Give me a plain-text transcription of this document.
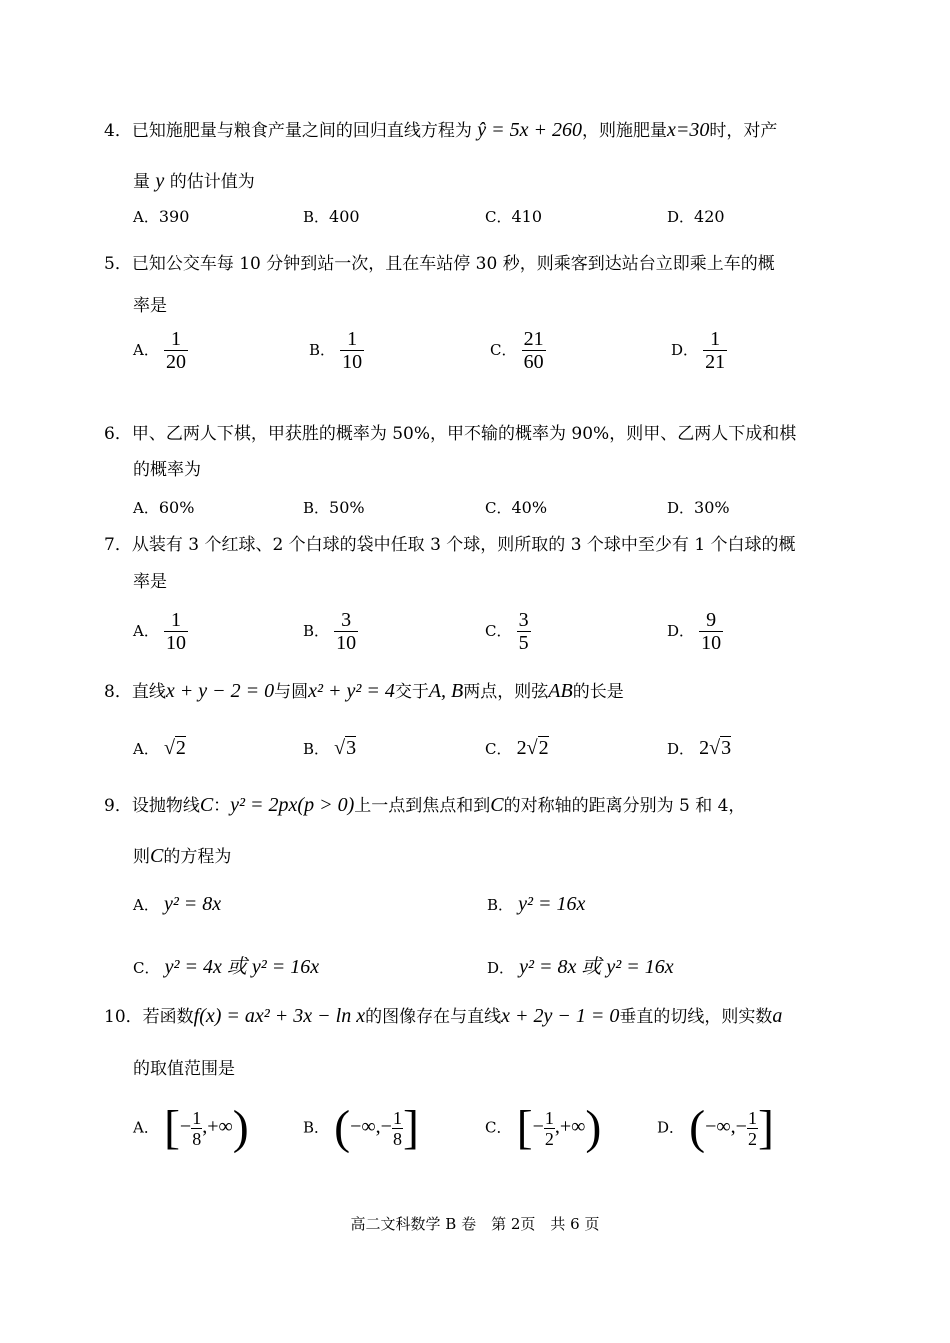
4．已知施肥量与粮食产量之间的回归直线方程为 ŷ = 5x + 260，则施肥量x=30时，对产
量 y 的估计值为
A．390	B．400	C．410	D．420
5．已知公交车每 10 分钟到站一次，且在车站停 30 秒，则乘客到达站台立即乘上车的概
率是
A． $\frac{1}{20}$	B． $\frac{1}{10}$	C． $\frac{21}{60}$	D． $\frac{1}{21}$
6．甲、乙两人下棋，甲获胜的概率为 50%，甲不输的概率为 90%，则甲、乙两人下成和棋
的概率为
A．60%	B．50%	C．40%	D．30%
7．从装有 3 个红球、2 个白球的袋中任取 3 个球，则所取的 3 个球中至少有 1 个白球的概
率是
A． $\frac{1}{10}$	B． $\frac{3}{10}$	C． $\frac{3}{5}$	D． $\frac{9}{10}$
8．直线x + y − 2 = 0与圆x² + y² = 4交于A, B两点，则弦AB的长是
A． √2	B． √3	C． 2√2	D． 2√3
9．设抛物线C：y² = 2px(p > 0)上一点到焦点和到C的对称轴的距离分别为 5 和 4，
则C的方程为
A． y² = 8x	B． y² = 16x
C． y² = 4x 或 y² = 16x	D． y² = 8x 或 y² = 16x
10．若函数f(x) = ax² + 3x − ln x的图像存在与直线x + 2y − 1 = 0垂直的切线，则实数a
的取值范围是
A． [− $\frac{1}{8}$ ,+∞)	B． (−∞,− $\frac{1}{8}$ ]	C． [− $\frac{1}{2}$ ,+∞)	D． (−∞,− $\frac{1}{2}$ ]
高二文科数学 B 卷　第 2页　共 6 页
